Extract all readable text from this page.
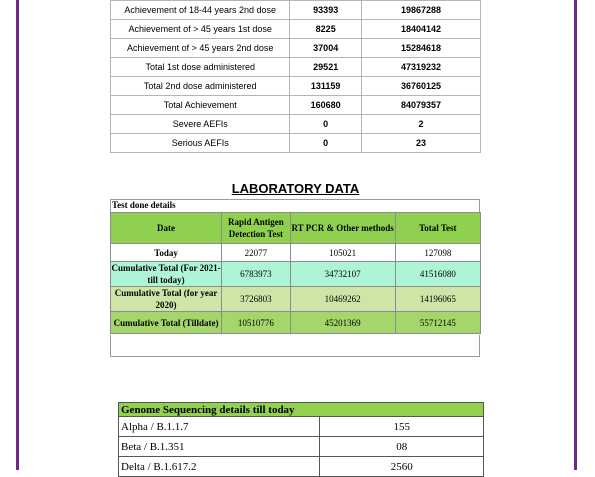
Achievement of 18-44 years 2nd dose	93393	19867288
Achievement of > 45 years 1st dose	8225	18404142
Achievement of > 45 years 2nd dose	37004	15284618
Total 1st dose administered	29521	47319232
Total 2nd dose administered	131159	36760125
Total Achievement	160680	84079357
Severe AEFIs	0	2
Serious AEFIs	0	23
LABORATORY DATA
Test done details
Date	Rapid Antigen Detection Test	RT PCR & Other methods	Total Test
Today	22077	105021	127098
Cumulative Total (For 2021- till today)	6783973	34732107	41516080
Cumulative Total (for year 2020)	3726803	10469262	14196065
Cumulative Total (Tilldate)	10510776	45201369	55712145
Genome Sequencing details till today	
Alpha / B.1.1.7	155
Beta / B.1.351	08
Delta / B.1.617.2	2560
